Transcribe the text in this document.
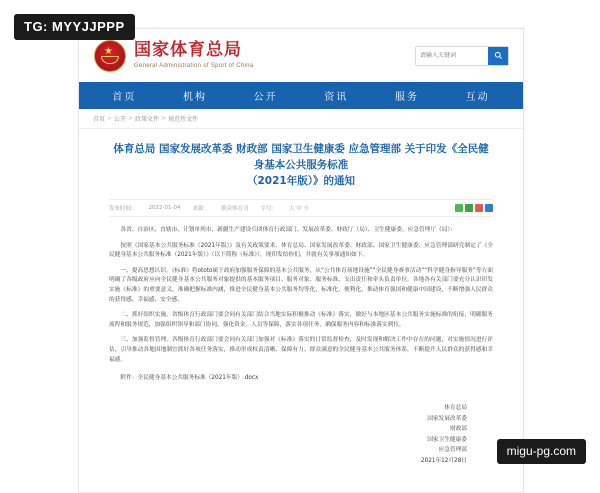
TG: MYYJJPPP
★ 国家体育总局
General Administration of Sport of China
请输入关键词
首页	机构	公开	资讯	服务	互动
首页 > 公开 > 政策文件 > 规范性文件
体育总局 国家发展改革委 财政部 国家卫生健康委 应急管理部 关于印发《全民健身基本公共服务标准
（2021年版）》的通知
发布时间： 2022-01-04 来源： 群众体育司 字号： 大 中 小

各省、自治区、直辖市、计划单列市、新疆生产建设兵团体育行政部门、发展改革委、财政厅（局）、卫生健康委、应急管理厅（局）：

按照《国家基本公共服务标准（2021年版）》及有关政策要求，体育总局、国家发展改革委、财政部、国家卫生健康委、应急管理部研究制定了《全民健身基本公共服务标准（2021年版）》（以下简称《标准》），现印发给你们，并就有关事项通知如下。

一、提高思想认识。《标准》将ototo属于政府加强服务保障的基本公共服务，从“公共体育场地设施”“全民健身赛事活动”“科学健身指导服务”等方面明确了各级政府应向全民健身基本公共服务对象提供的基本服务项目、服务对象、服务标准、支出责任和牵头负责单位。各地各有关部门要充分认识印发实施《标准》的重要意义，准确把握标准内涵，推进全民健身基本公共服务均等化、标准化、便利化，推动体育强国和健康中国建设，不断增强人民群众的获得感、幸福感、安全感。

二、抓好组织实施。省级体育行政部门要会同有关部门结合当地实际积极推动《标准》落实，做好与本地区基本公共服务实施标准的衔接，明确服务流程和服务规范，加强组织领导和部门协同，强化资金、人员等保障，落实各项任务，确保服务内容和标准落实到位。

三、加强监督管理。各级体育行政部门要会同有关部门加强对《标准》落实的日常监督检查，及时发现和解决工作中存在的问题，对实施情况进行评估、引导推动各地因地制宜抓好各项任务落实，推动形成权责清晰、保障有力、群众满意的全民健身基本公共服务体系，不断提升人民群众的获得感和幸福感。

附件：全民健身基本公共服务标准（2021年版）.docx
体育总局
国家发展改革委
财政部
国家卫生健康委
应急管理部
2021年12月28日
migu-pg.com
